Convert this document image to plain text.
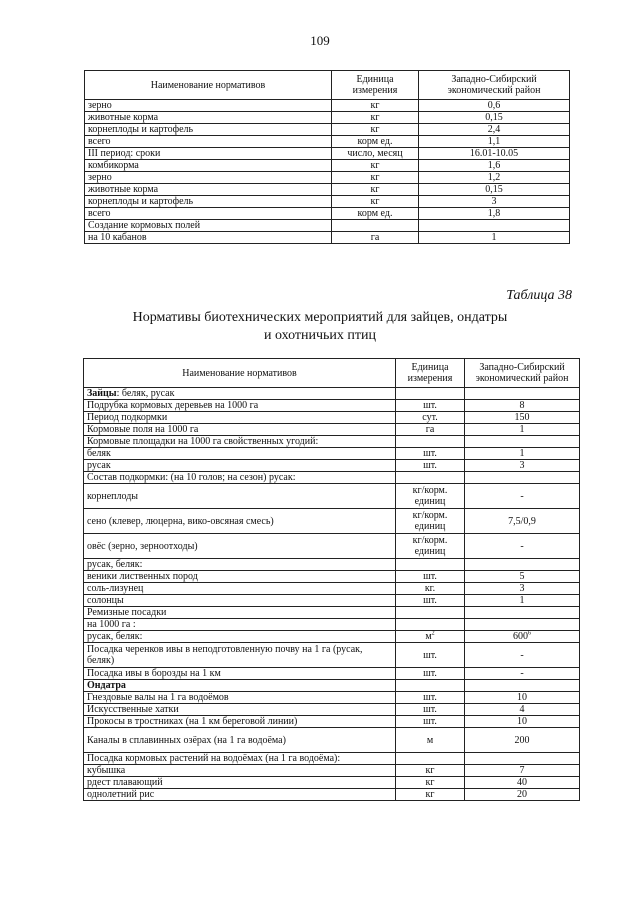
109
Наименование нормативов	Единица измерения	Западно-Сибирский экономический район
зерно	кг	0,6
животные корма	кг	0,15
корнеплоды и картофель	кг	2,4
всего	корм ед.	1,1
III период: сроки	число, месяц	16.01-10.05
комбикорма	кг	1,6
зерно	кг	1,2
животные корма	кг	0,15
корнеплоды и картофель	кг	3
всего	корм ед.	1,8
Создание кормовых полей		
на 10 кабанов	га	1
Таблица 38
Нормативы биотехнических мероприятий для зайцев, ондатры
и охотничьих птиц
Наименование нормативов	Единица измерения	Западно-Сибирский экономический район
Зайцы: беляк, русак		
Подрубка кормовых деревьев на 1000 га	шт.	8
Период подкормки	сут.	150
Кормовые поля на 1000 га	га	1
Кормовые площадки на 1000 га свойственных угодий:		
беляк	шт.	1
русак	шт.	3
Состав подкормки: (на 10 голов; на сезон) русак:		
корнеплоды	кг/корм. единиц	-
сено (клевер, люцерна, вико-овсяная смесь)	кг/корм. единиц	7,5/0,9
овёс (зерно, зерноотходы)	кг/корм. единиц	-
русак, беляк:		
веники лиственных пород	шт.	5
соль-лизунец	кг.	3
солонцы	шт.	1
Ремизные посадки		
на 1000 га :		
русак, беляк:	$м^2$	$600^6$
Посадка черенков ивы в неподготовленную почву на 1 га (русак, беляк)	шт.	-
Посадка ивы в борозды на 1 км	шт.	-
Ондатра		
Гнездовые валы на 1 га водоёмов	шт.	10
Искусственные хатки	шт.	4
Прокосы в тростниках (на 1 км береговой линии)	шт.	10
Каналы в сплавинных озёрах (на 1 га водоёма)	м	200
Посадка кормовых растений на водоёмах (на 1 га водоёма):		
кубышка	кг	7
рдест плавающий	кг	40
однолетний рис	кг	20
